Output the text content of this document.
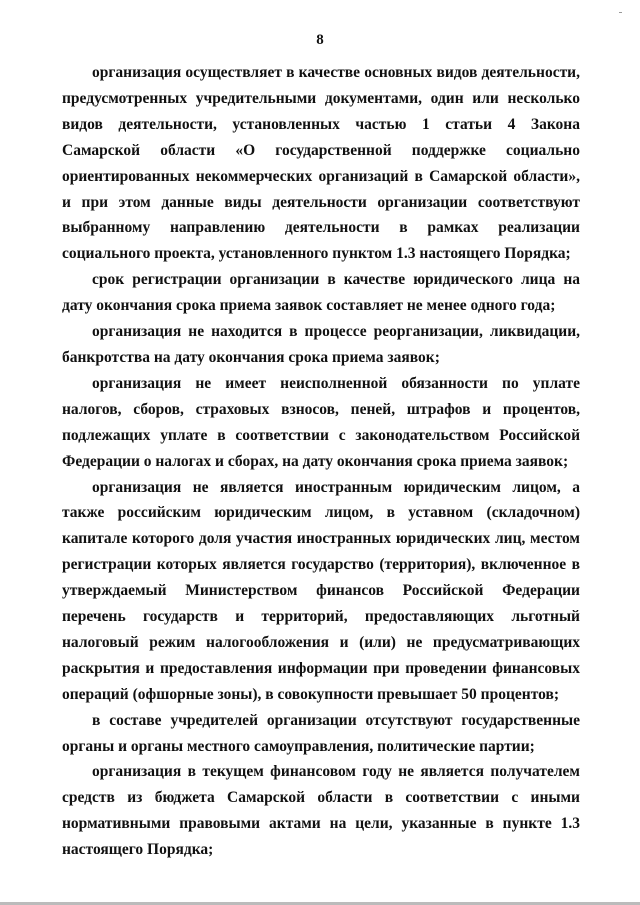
8

организация осуществляет в качестве основных видов деятельности, предусмотренных учредительными документами, один или несколько видов деятельности, установленных частью 1 статьи 4 Закона Самарской области «О государственной поддержке социально ориентированных некоммерческих организаций в Самарской области», и при этом данные виды деятельности организации соответствуют выбранному направлению деятельности в рамках реализации социального проекта, установленного пунктом 1.3 настоящего Порядка;

срок регистрации организации в качестве юридического лица на дату окончания срока приема заявок составляет не менее одного года;

организация не находится в процессе реорганизации, ликвидации, банкротства на дату окончания срока приема заявок;

организация не имеет неисполненной обязанности по уплате налогов, сборов, страховых взносов, пеней, штрафов и процентов, подлежащих уплате в соответствии с законодательством Российской Федерации о налогах и сборах, на дату окончания срока приема заявок;

организация не является иностранным юридическим лицом, а также российским юридическим лицом, в уставном (складочном) капитале которого доля участия иностранных юридических лиц, местом регистрации которых является государство (территория), включенное в утверждаемый Министерством финансов Российской Федерации перечень государств и территорий, предоставляющих льготный налоговый режим налогообложения и (или) не предусматривающих раскрытия и предоставления информации при проведении финансовых операций (офшорные зоны), в совокупности превышает 50 процентов;

в составе учредителей организации отсутствуют государственные органы и органы местного самоуправления, политические партии;

организация в текущем финансовом году не является получателем средств из бюджета Самарской области в соответствии с иными нормативными правовыми актами на цели, указанные в пункте 1.3 настоящего Порядка;
